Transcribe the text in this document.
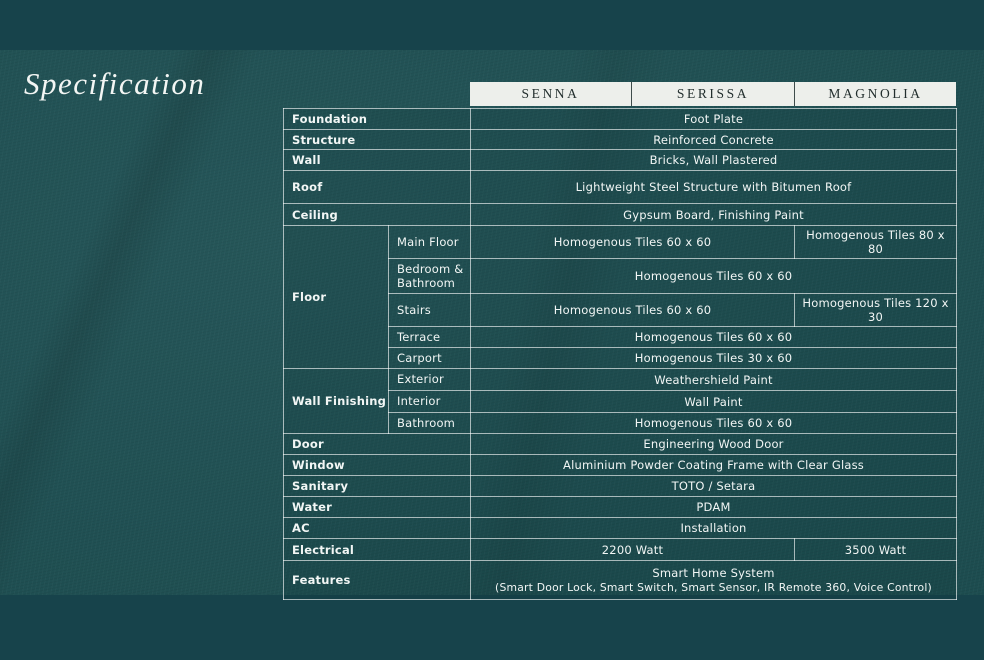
Specification	SENNA	SERISSA	MAGNOLIA
Foundation		Foot Plate	
Structure		Reinforced Concrete	
Wall		Bricks, Wall Plastered	
Roof		Lightweight Steel Structure with Bitumen Roof	
Ceiling		Gypsum Board, Finishing Paint	
Floor	Main Floor	Homogenous Tiles 60 x 60	Homogenous Tiles 80 x 80
	Bedroom & Bathroom	Homogenous Tiles 60 x 60	
	Stairs	Homogenous Tiles 60 x 60	Homogenous Tiles 120 x 30
	Terrace	Homogenous Tiles 60 x 60	
	Carport	Homogenous Tiles 30 x 60	
Wall Finishing	Exterior	Weathershield Paint	
	Interior	Wall Paint	
	Bathroom	Homogenous Tiles 60 x 60	
Door		Engineering Wood Door	
Window		Aluminium Powder Coating Frame with Clear Glass	
Sanitary		TOTO / Setara	
Water		PDAM	
AC		Installation	
Electrical		2200 Watt	3500 Watt
Features		Smart Home System
(Smart Door Lock, Smart Switch, Smart Sensor, IR Remote 360, Voice Control)	
